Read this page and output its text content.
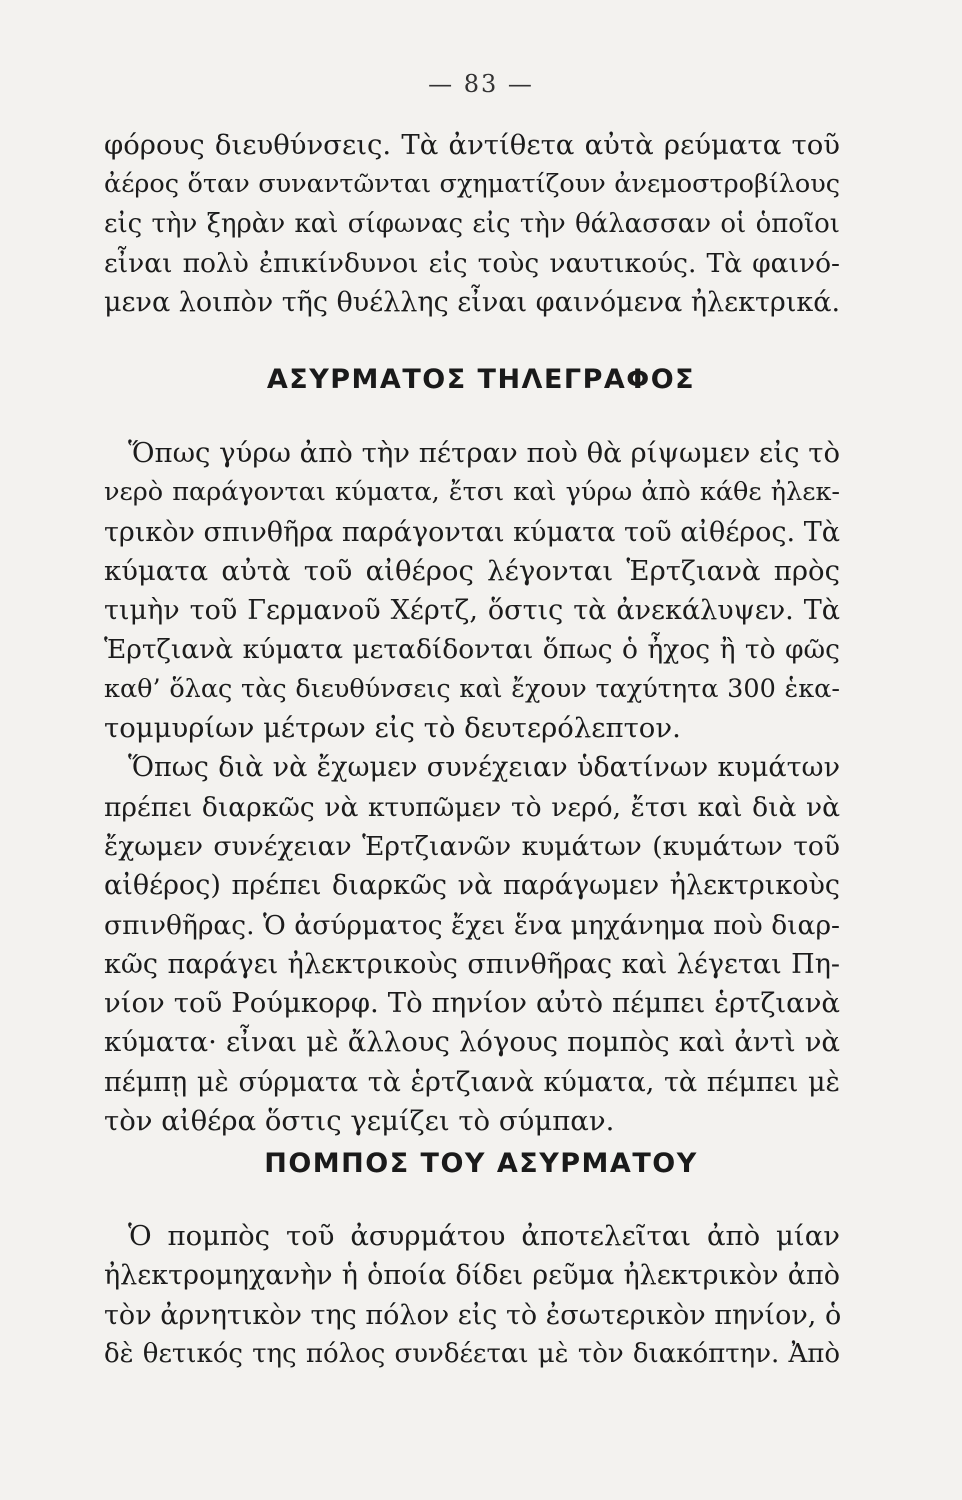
— 83 —
φόρους διευθύνσεις. Τὰ ἀντίθετα αὐτὰ ρεύματα τοῦ
ἀέρος ὅταν συναντῶνται σχηματίζουν ἀνεμοστροβίλους
εἰς τὴν ξηρὰν καὶ σίφωνας εἰς τὴν θάλασσαν οἱ ὁποῖοι
εἶναι πολὺ ἐπικίνδυνοι εἰς τοὺς ναυτικούς. Τὰ φαινό-
μενα λοιπὸν τῆς θυέλλης εἶναι φαινόμενα ἠλεκτρικά.
ΑΣΥΡΜΑΤΟΣ ΤΗΛΕΓΡΑΦΟΣ
Ὅπως γύρω ἀπὸ τὴν πέτραν ποὺ θὰ ρίψωμεν εἰς τὸ
νερὸ παράγονται κύματα, ἔτσι καὶ γύρω ἀπὸ κάθε ἠλεκ-
τρικὸν σπινθῆρα παράγονται κύματα τοῦ αἰθέρος. Τὰ
κύματα αὐτὰ τοῦ αἰθέρος λέγονται Ἑρτζιανὰ πρὸς
τιμὴν τοῦ Γερμανοῦ Χέρτζ, ὅστις τὰ ἀνεκάλυψεν. Τὰ
Ἑρτζιανὰ κύματα μεταδίδονται ὅπως ὁ ἦχος ἢ τὸ φῶς
καθ’ ὅλας τὰς διευθύνσεις καὶ ἔχουν ταχύτητα 300 ἑκα-
τομμυρίων μέτρων εἰς τὸ δευτερόλεπτον.
Ὅπως διὰ νὰ ἔχωμεν συνέχειαν ὑδατίνων κυμάτων
πρέπει διαρκῶς νὰ κτυπῶμεν τὸ νερό, ἔτσι καὶ διὰ νὰ
ἔχωμεν συνέχειαν Ἑρτζιανῶν κυμάτων (κυμάτων τοῦ
αἰθέρος) πρέπει διαρκῶς νὰ παράγωμεν ἠλεκτρικοὺς
σπινθῆρας. Ὁ ἀσύρματος ἔχει ἕνα μηχάνημα ποὺ διαρ-
κῶς παράγει ἠλεκτρικοὺς σπινθῆρας καὶ λέγεται Πη-
νίον τοῦ Ρούμκορφ. Τὸ πηνίον αὐτὸ πέμπει ἑρτζιανὰ
κύματα· εἶναι μὲ ἄλλους λόγους πομπὸς καὶ ἀντὶ νὰ
πέμπῃ μὲ σύρματα τὰ ἑρτζιανὰ κύματα, τὰ πέμπει μὲ
τὸν αἰθέρα ὅστις γεμίζει τὸ σύμπαν.
ΠΟΜΠΟΣ ΤΟΥ ΑΣΥΡΜΑΤΟΥ
Ὁ πομπὸς τοῦ ἀσυρμάτου ἀποτελεῖται ἀπὸ μίαν
ἠλεκτρομηχανὴν ἡ ὁποία δίδει ρεῦμα ἠλεκτρικὸν ἀπὸ
τὸν ἀρνητικὸν της πόλον εἰς τὸ ἐσωτερικὸν πηνίον, ὁ
δὲ θετικός της πόλος συνδέεται μὲ τὸν διακόπτην. Ἀπὸ
